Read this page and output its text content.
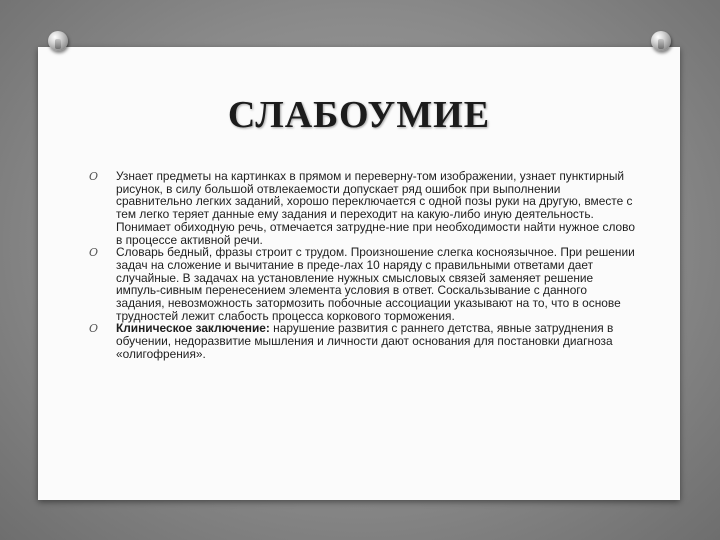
СЛАБОУМИЕ
O Узнает предметы на картинках в прямом и переверну-том изображении, узнает пунктирный рисунок, в силу большой отвлекаемости допускает ряд ошибок при выполнении сравнительно легких заданий, хорошо переключается с одной позы руки на другую, вместе с тем легко теряет данные ему задания и переходит на какую-либо иную деятельность. Понимает обиходную речь, отмечается затрудне-ние при необходимости найти нужное слово в процессе активной речи.
O Словарь бедный, фразы строит с трудом. Произношение слегка косноязычное. При решении задач на сложение и вычитание в преде-лах 10 наряду с правильными ответами дает случайные. В задачах на установление нужных смысловых связей заменяет решение импуль-сивным перенесением элемента условия в ответ. Соскальзывание с данного задания, невозможность затормозить побочные ассоциации указывают на то, что в основе трудностей лежит слабость процесса коркового торможения.
O Клиническое заключение: нарушение развития с раннего детства, явные затруднения в обучении, недоразвитие мышления и личности дают основания для постановки диагноза «олигофрения».
